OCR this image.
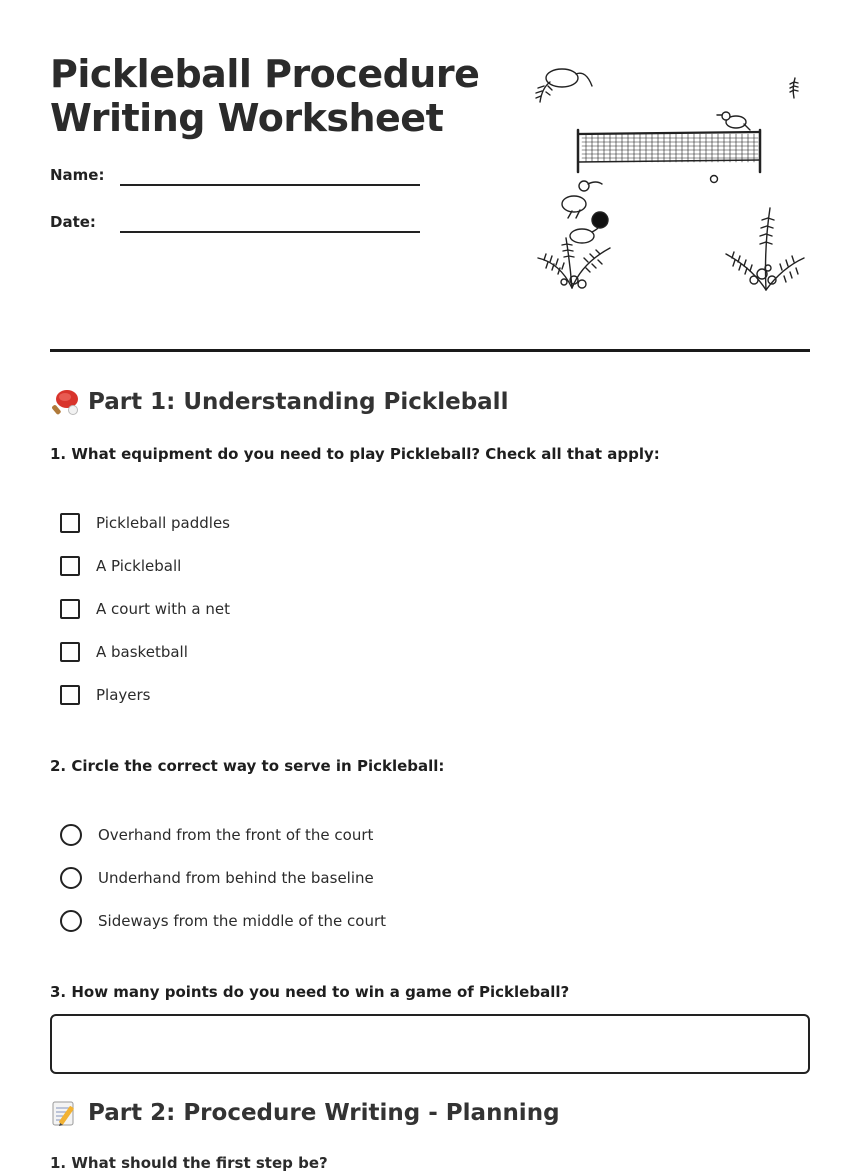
Pickleball Procedure
Writing Worksheet
Name:
Date:
Part 1: Understanding Pickleball

1. What equipment do you need to play Pickleball? Check all that apply:

Pickleball paddles
A Pickleball
A court with a net
A basketball
Players

2. Circle the correct way to serve in Pickleball:

Overhand from the front of the court
Underhand from behind the baseline
Sideways from the middle of the court

3. How many points do you need to win a game of Pickleball?

Part 2: Procedure Writing - Planning

1. What should the first step be?
